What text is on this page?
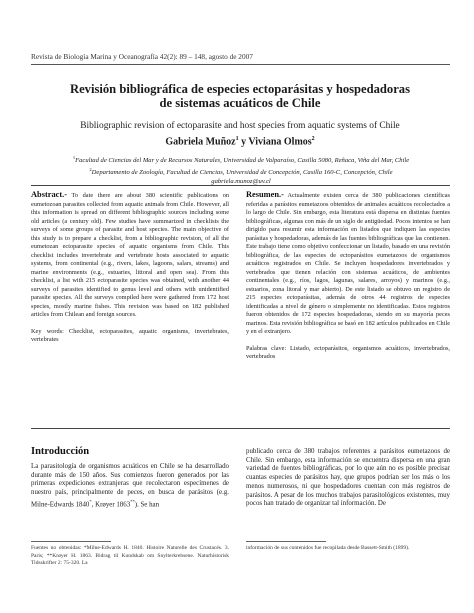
Revista de Biología Marina y Oceanografía 42(2): 89 – 148, agosto de 2007
Revisión bibliográfica de especies ectoparásitas y hospedadoras
de sistemas acuáticos de Chile
Bibliographic revision of ectoparasite and host species from aquatic systems of Chile
Gabriela Muñoz$^1$ y Viviana Olmos$^2$
$^1$Facultad de Ciencias del Mar y de Recursos Naturales, Universidad de Valparaíso, Casilla 5080, Reñaca, Viña del Mar, Chile
$^2$Departamento de Zoología, Facultad de Ciencias, Universidad de Concepción, Casilla 160-C, Concepción, Chile
gabriela.munoz@uv.cl
Abstract.- To date there are about 380 scientific publications on eumetozoan parasites collected from aquatic animals from Chile. However, all this information is spread on different bibliographic sources including some old articles (a century old). Few studies have summarized in checklists the surveys of some groups of parasite and host species. The main objective of this study is to prepare a checklist, from a bibliographic revision, of all the eumetozan ectoparasite species of aquatic organisms from Chile. This checklist includes invertebrate and vertebrate hosts associated to aquatic systems, from continental (e.g., rivers, lakes, lagoons, salars, streams) and marine environments (e.g., estuaries, littoral and open sea). From this checklist, a list with 215 ectoparasite species was obtained, with another 44 surveys of parasites identified to genus level and others with unidentified parasite species. All the surveys compiled here were gathered from 172 host species, mostly marine fishes. This revision was based on 182 published articles from Chilean and foreign sources.
Key words: Checklist, ectoparasites, aquatic organisms, invertebrates, vertebrates
Resumen.- Actualmente existen cerca de 380 publicaciones científicas referidas a parásitos eumetazoos obtenidos de animales acuáticos recolectados a lo largo de Chile. Sin embargo, esta literatura está dispersa en distintas fuentes bibliográficas, algunas con más de un siglo de antigüedad. Pocos intentos se han dirigido para resumir esta información en listados que indiquen las especies parásitas y hospedadoras, además de las fuentes bibliográficas que las contienen. Este trabajo tiene como objetivo confeccionar un listado, basado en una revisión bibliográfica, de las especies de ectoparásitos eumetazoos de organismos acuáticos registrados en Chile. Se incluyen hospedadores invertebrados y vertebrados que tienen relación con sistemas acuáticos, de ambientes continentales (e.g., ríos, lagos, lagunas, salares, arroyos) y marinos (e.g., estuarios, zona litoral y mar abierto). De este listado se obtuvo un registro de 215 especies ectoparásitas, además de otros 44 registros de especies identificadas a nivel de género o simplemente no identificadas. Estos registros fueron obtenidos de 172 especies hospedadoras, siendo en su mayoría peces marinos. Esta revisión bibliográfica se basó en 182 artículos publicados en Chile y en el extranjero.
Palabras clave: Listado, ectoparásitos, organismos acuáticos, invertebrados, vertebrados
Introducción
La parasitología de organismos acuáticos en Chile se ha desarrollado durante más de 150 años. Sus comienzos fueron generados por las primeras expediciones extranjeras que recolectaron especímenes de nuestro país, principalmente de peces, en busca de parásitos (e.g. Milne-Edwards 1840*, Krøyer 1863**). Se han
publicado cerca de 380 trabajos referentes a parásitos eumetazoos de Chile. Sin embargo, esta información se encuentra dispersa en una gran variedad de fuentes bibliográficas, por lo que aún no es posible precisar cuantas especies de parásitos hay, que grupos podrían ser los más o los menos numerosos, ni que hospedadores cuentan con más registros de parásitos. A pesar de los muchos trabajos parasitológicos existentes, muy pocos han tratado de organizar tal información. De
Fuentes no obtenidas: *Milne-Edwards H. 1840. Histoire Naturelle des Crustacés. 3. Paris; **Krøyer H. 1863. Bidrag til Kundskab om Snylterkrebsene. Naturhistorisk Tidsskrifter 2: 75-320. La
información de sus contenidos fue recopilada desde Bassett-Smith (1899).
